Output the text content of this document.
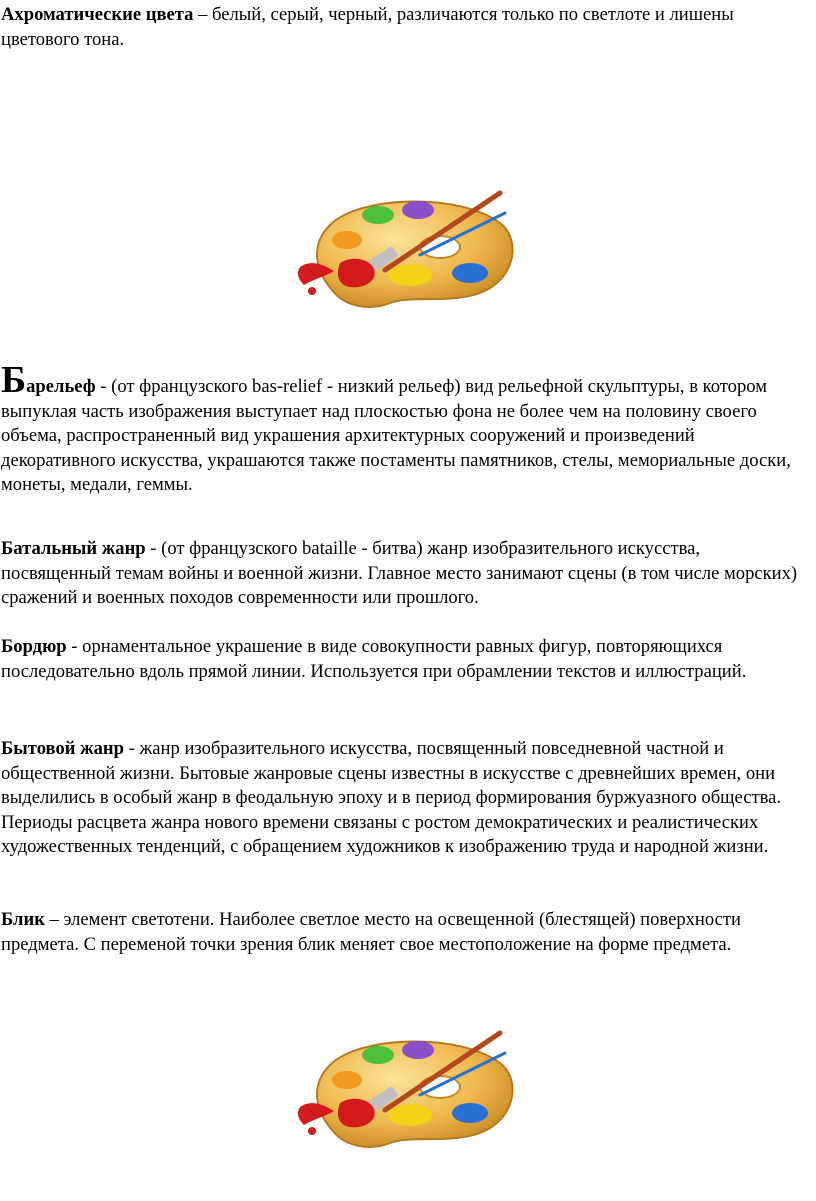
Ахроматические цвета – белый, серый, черный, различаются только по светлоте и лишены цветового тона.

Барельеф - (от французского bas-relief - низкий рельеф) вид рельефной скульптуры, в котором выпуклая часть изображения выступает над плоскостью фона не более чем на половину своего объема, распространенный вид украшения архитектурных сооружений и произведений декоративного искусства, украшаются также постаменты памятников, стелы, мемориальные доски, монеты, медали, геммы.

Батальный жанр - (от французского bataille - битва) жанр изобразительного искусства, посвященный темам войны и военной жизни. Главное место занимают сцены (в том числе морских) сражений и военных походов современности или прошлого.

Бордюр - орнаментальное украшение в виде совокупности равных фигур, повторяющихся последовательно вдоль прямой линии. Используется при обрамлении текстов и иллюстраций.

Бытовой жанр - жанр изобразительного искусства, посвященный повседневной частной и общественной жизни. Бытовые жанровые сцены известны в искусстве с древнейших времен, они выделились в особый жанр в феодальную эпоху и в период формирования буржуазного общества. Периоды расцвета жанра нового времени связаны с ростом демократических и реалистических художественных тенденций, с обращением художников к изображению труда и народной жизни.

Блик – элемент светотени. Наиболее светлое место на освещенной (блестящей) поверхности предмета. С переменой точки зрения блик меняет свое местоположение на форме предмета.
